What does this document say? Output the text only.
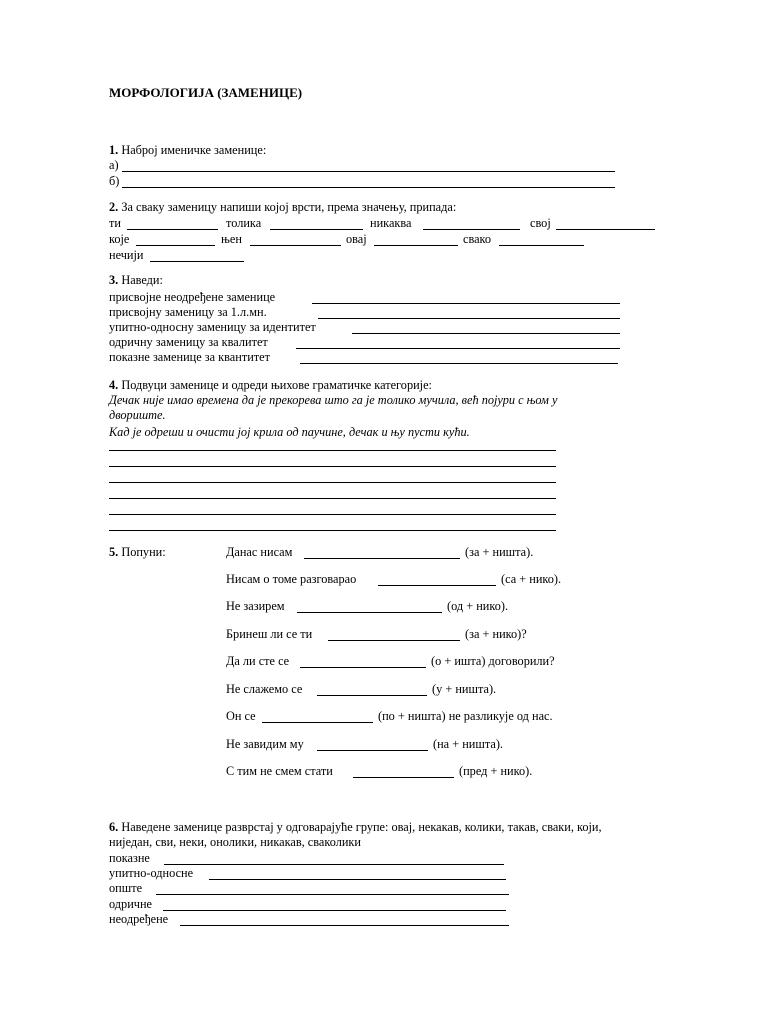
МОРФОЛОГИЈА (ЗАМЕНИЦЕ)
1. Наброј именичке заменице:
а)
б)
2. За сваку заменицу напиши којој врсти, према значењу, припада:
ти	толика	никаква	свој
које	њен	овај	свако
нечији
3. Наведи:
присвојне неодређене заменице
присвојну заменицу за 1.л.мн.
упитно-односну заменицу за идентитет
одричну заменицу за квалитет
показне заменице за квантитет
4. Подвуци заменице и одреди њихове граматичке категорије:
Дечак није имао времена да је прекорева што га је толико мучила, већ појури с њом у
двориште.
Кад је одреши и очисти јој крила од паучине, дечак и њу пусти кући.
5. Попуни:	Данас нисам	(за + ништа).
Нисам о томе разговарао	(са + нико).
Не зазирем	(од + нико).
Бринеш ли се ти	(за + нико)?
Да ли сте се	(о + ишта) договорили?
Не слажемо се	(у + ништа).
Он се	(по + ништа) не разликује од нас.
Не завидим му	(на + ништа).
С тим не смем стати	(пред + нико).
6. Наведене заменице разврстај у одговарајуће групе: овај, некакав, колики, такав, сваки, који,
ниједан, сви, неки, онолики, никакав, сваколики
показне
упитно-односне
опште
одричне
неодређене
